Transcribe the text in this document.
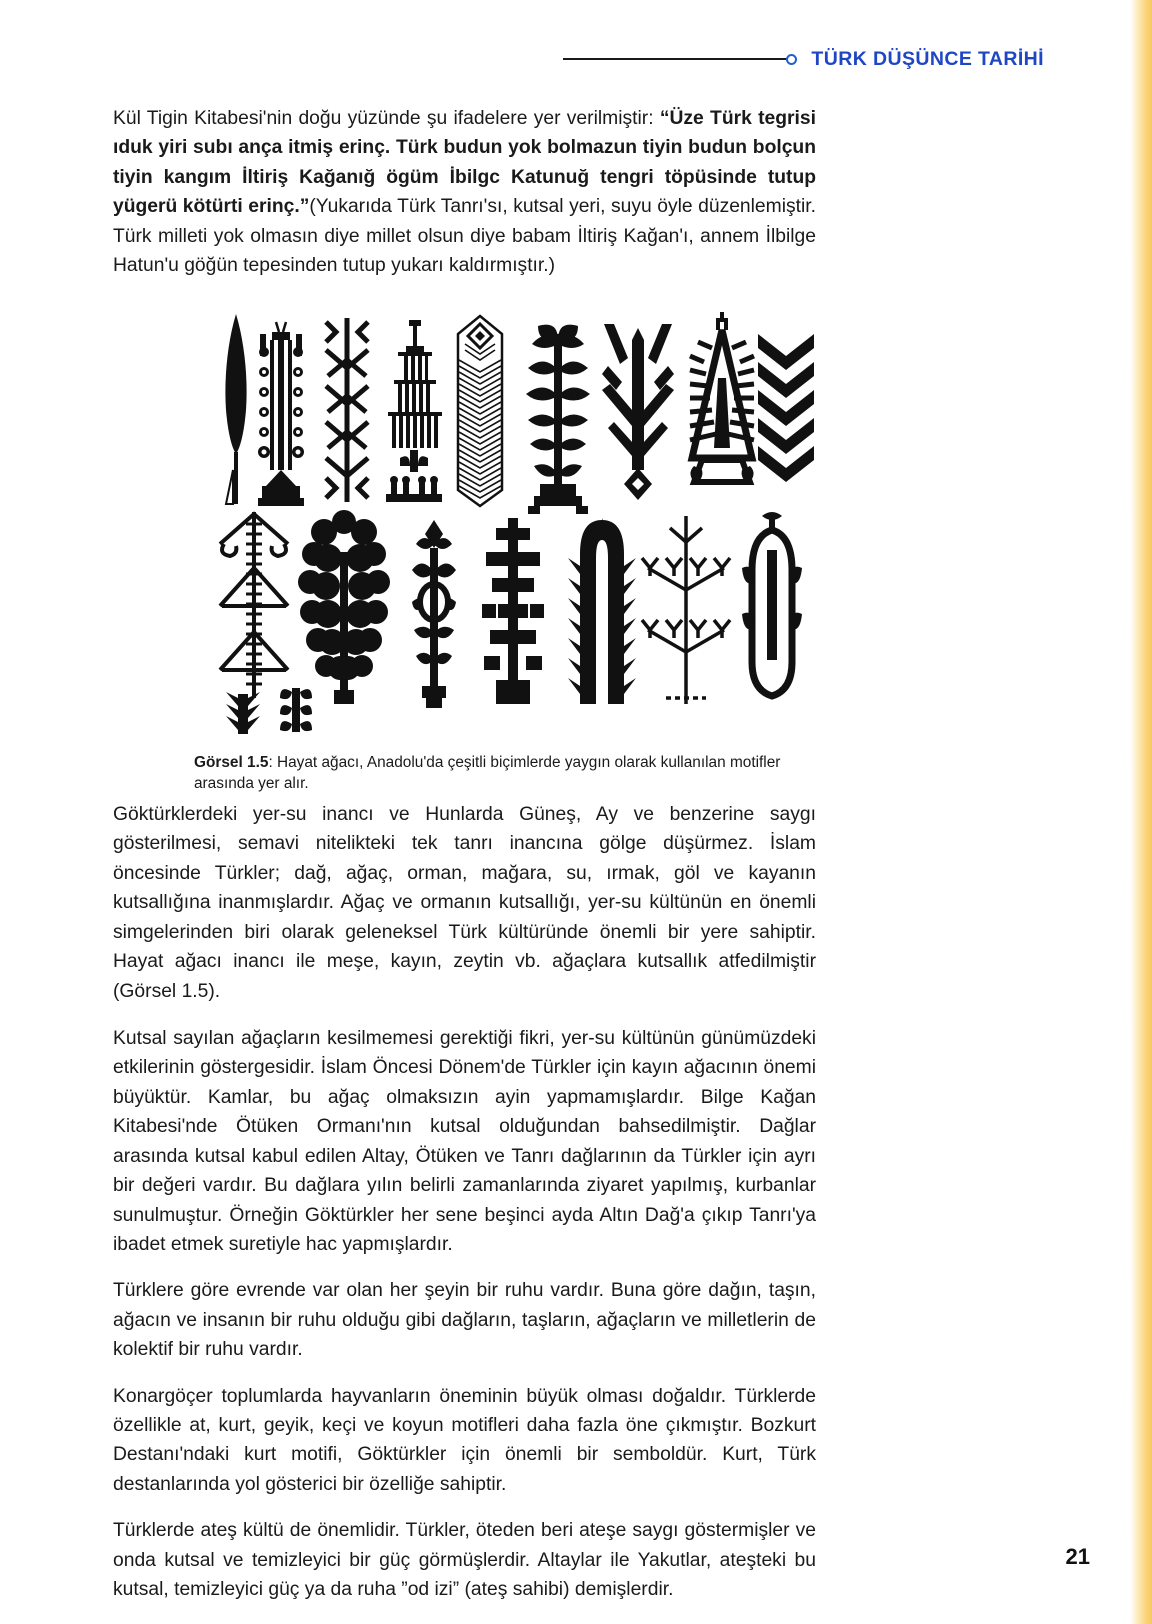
TÜRK DÜŞÜNCE TARİHİ

Kül Tigin Kitabesi'nin doğu yüzünde şu ifadelere yer verilmiştir: “Üze Türk tegrisi ıduk yiri subı ança itmiş erinç. Türk budun yok bolmazun tiyin budun bolçun tiyin kangım İltiriş Kağanığ ögüm İbilgc Katunuğ tengri töpüsinde tutup yügerü kötürti erinç.”(Yukarıda Türk Tanrı'sı, kutsal yeri, suyu öyle düzenlemiştir. Türk milleti yok olmasın diye millet olsun diye babam İltiriş Kağan'ı, annem İlbilge Hatun'u göğün tepesinden tutup yukarı kaldırmıştır.)

Görsel 1.5: Hayat ağacı, Anadolu'da çeşitli biçimlerde yaygın olarak kullanılan motifler arasında yer alır.

Göktürklerdeki yer-su inancı ve Hunlarda Güneş, Ay ve benzerine saygı gösterilmesi, semavi nitelikteki tek tanrı inancına gölge düşürmez. İslam öncesinde Türkler; dağ, ağaç, orman, mağara, su, ırmak, göl ve kayanın kutsallığına inanmışlardır. Ağaç ve ormanın kutsallığı, yer-su kültünün en önemli simgelerinden biri olarak geleneksel Türk kültüründe önemli bir yere sahiptir. Hayat ağacı inancı ile meşe, kayın, zeytin vb. ağaçlara kutsallık atfedilmiştir (Görsel 1.5).

Kutsal sayılan ağaçların kesilmemesi gerektiği fikri, yer-su kültünün günümüzdeki etkilerinin göstergesidir. İslam Öncesi Dönem'de Türkler için kayın ağacının önemi büyüktür. Kamlar, bu ağaç olmaksızın ayin yapmamışlardır. Bilge Kağan Kitabesi'nde Ötüken Ormanı'nın kutsal olduğundan bahsedilmiştir. Dağlar arasında kutsal kabul edilen Altay, Ötüken ve Tanrı dağlarının da Türkler için ayrı bir değeri vardır. Bu dağlara yılın belirli zamanlarında ziyaret yapılmış, kurbanlar sunulmuştur. Örneğin Göktürkler her sene beşinci ayda Altın Dağ'a çıkıp Tanrı'ya ibadet etmek suretiyle hac yapmışlardır.

Türklere göre evrende var olan her şeyin bir ruhu vardır. Buna göre dağın, taşın, ağacın ve insanın bir ruhu olduğu gibi dağların, taşların, ağaçların ve milletlerin de kolektif bir ruhu vardır.

Konargöçer toplumlarda hayvanların öneminin büyük olması doğaldır. Türklerde özellikle at, kurt, geyik, keçi ve koyun motifleri daha fazla öne çıkmıştır. Bozkurt Destanı'ndaki kurt motifi, Göktürkler için önemli bir semboldür. Kurt, Türk destanlarında yol gösterici bir özelliğe sahiptir.

Türklerde ateş kültü de önemlidir. Türkler, öteden beri ateşe saygı göstermişler ve onda kutsal ve temizleyici bir güç görmüşlerdir. Altaylar ile Yakutlar, ateşteki bu kutsal, temizleyici güç ya da ruha ”od izi” (ateş sahibi) demişlerdir.

21
